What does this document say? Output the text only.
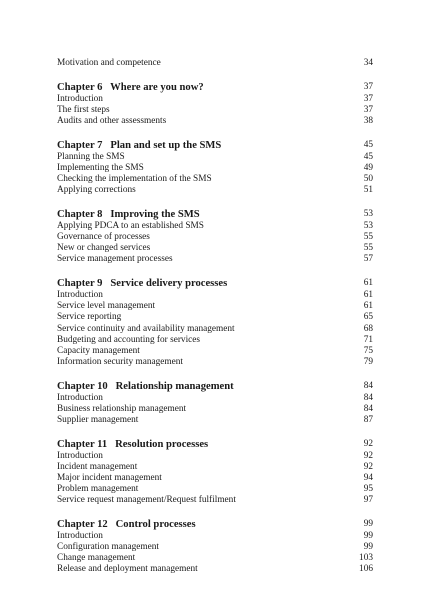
Motivation and competence	34
Chapter 6   Where are you now?	37
Introduction	37
The first steps	37
Audits and other assessments	38
Chapter 7   Plan and set up the SMS	45
Planning the SMS	45
Implementing the SMS	49
Checking the implementation of the SMS	50
Applying corrections	51
Chapter 8   Improving the SMS	53
Applying PDCA to an established SMS	53
Governance of processes	55
New or changed services	55
Service management processes	57
Chapter 9   Service delivery processes	61
Introduction	61
Service level management	61
Service reporting	65
Service continuity and availability management	68
Budgeting and accounting for services	71
Capacity management	75
Information security management	79
Chapter 10   Relationship management	84
Introduction	84
Business relationship management	84
Supplier management	87
Chapter 11   Resolution processes	92
Introduction	92
Incident management	92
Major incident management	94
Problem management	95
Service request management/Request fulfilment	97
Chapter 12   Control processes	99
Introduction	99
Configuration management	99
Change management	103
Release and deployment management	106
